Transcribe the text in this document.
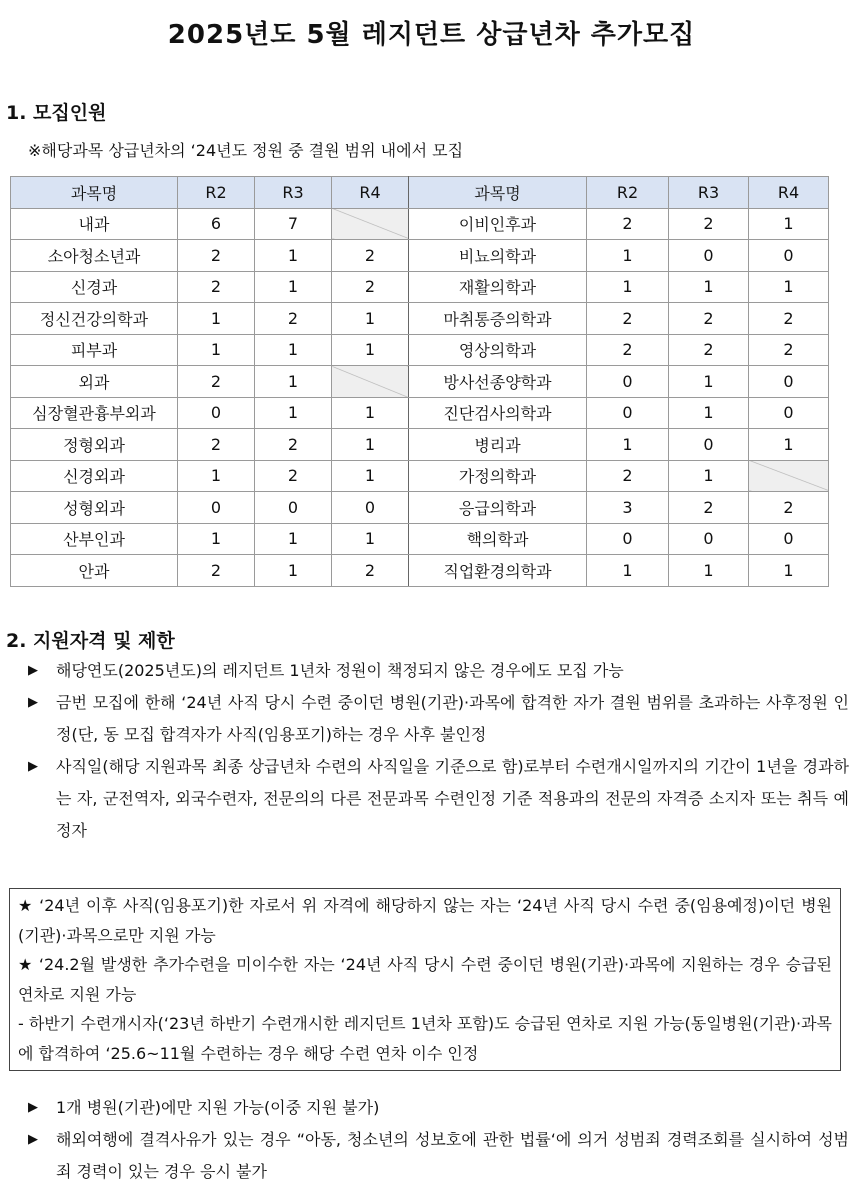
2025년도 5월 레지던트 상급년차 추가모집
1. 모집인원
※해당과목 상급년차의 ‘24년도 정원 중 결원 범위 내에서 모집
과목명	R2	R3	R4	과목명	R2	R3	R4
내과	6	7		이비인후과	2	2	1
소아청소년과	2	1	2	비뇨의학과	1	0	0
신경과	2	1	2	재활의학과	1	1	1
정신건강의학과	1	2	1	마취통증의학과	2	2	2
피부과	1	1	1	영상의학과	2	2	2
외과	2	1		방사선종양학과	0	1	0
심장혈관흉부외과	0	1	1	진단검사의학과	0	1	0
정형외과	2	2	1	병리과	1	0	1
신경외과	1	2	1	가정의학과	2	1	
성형외과	0	0	0	응급의학과	3	2	2
산부인과	1	1	1	핵의학과	0	0	0
안과	2	1	2	직업환경의학과	1	1	1
2. 지원자격 및 제한
▶ 해당연도(2025년도)의 레지던트 1년차 정원이 책정되지 않은 경우에도 모집 가능
▶ 금번 모집에 한해 ‘24년 사직 당시 수련 중이던 병원(기관)·과목에 합격한 자가 결원 범위를 초과하는 사후정원 인정(단, 동 모집 합격자가 사직(임용포기)하는 경우 사후 불인정
▶ 사직일(해당 지원과목 최종 상급년차 수련의 사직일을 기준으로 함)로부터 수련개시일까지의 기간이 1년을 경과하는 자, 군전역자, 외국수련자, 전문의의 다른 전문과목 수련인정 기준 적용과의 전문의 자격증 소지자 또는 취득 예정자

★ ‘24년 이후 사직(임용포기)한 자로서 위 자격에 해당하지 않는 자는 ‘24년 사직 당시 수련 중(임용예정)이던 병원(기관)·과목으로만 지원 가능

★ ‘24.2월 발생한 추가수련을 미이수한 자는 ‘24년 사직 당시 수련 중이던 병원(기관)·과목에 지원하는 경우 승급된 연차로 지원 가능

- 하반기 수련개시자(‘23년 하반기 수련개시한 레지던트 1년차 포함)도 승급된 연차로 지원 가능(동일병원(기관)·과목에 합격하여 ‘25.6~11월 수련하는 경우 해당 수련 연차 이수 인정

▶ 1개 병원(기관)에만 지원 가능(이중 지원 불가)
▶ 해외여행에 결격사유가 있는 경우 “아동, 청소년의 성보호에 관한 법률‘에 의거 성범죄 경력조회를 실시하여 성범죄 경력이 있는 경우 응시 불가
